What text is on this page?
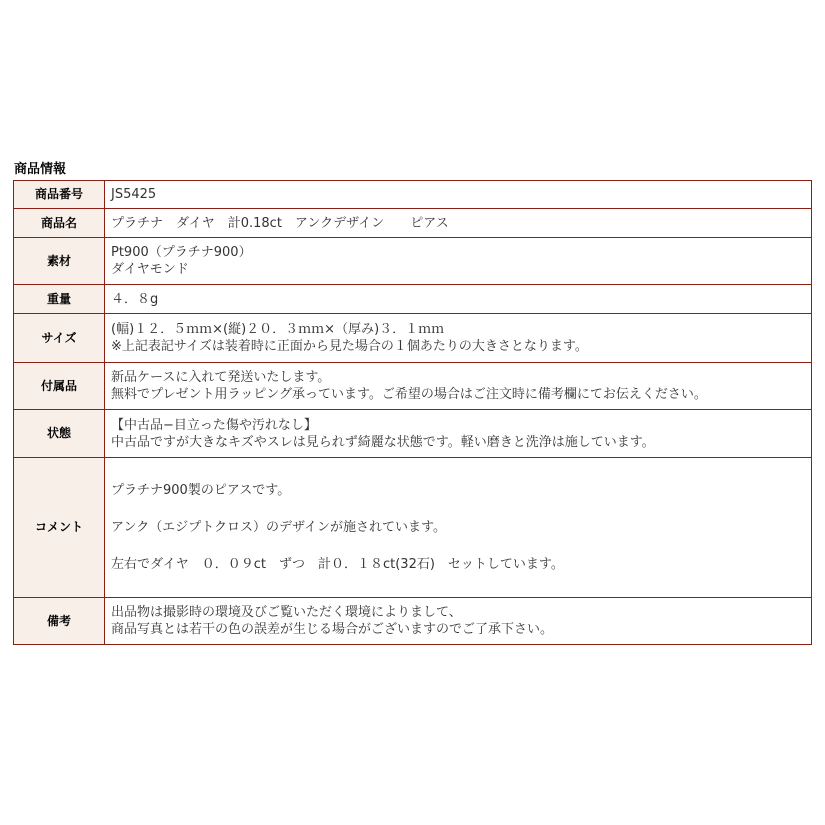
商品情報
商品番号	JS5425

商品名	プラチナ　ダイヤ　計0.18ct　アンクデザイン　　ピアス

素材	Pt900（プラチナ900）
ダイヤモンド

重量	４．８g

サイズ	(幅)１２．５ｍｍ×(縦)２０．３ｍｍ×（厚み)３．１ｍｍ
※上記表記サイズは装着時に正面から見た場合の１個あたりの大きさとなります。

付属品	新品ケースに入れて発送いたします。
無料でプレゼント用ラッピング承っています。ご希望の場合はご注文時に備考欄にてお伝えください。

状態	【中古品−目立った傷や汚れなし】
中古品ですが大きなキズやスレは見られず綺麗な状態です。軽い磨きと洗浄は施しています。

コメント	プラチナ900製のピアスです。
アンク（エジプトクロス）のデザインが施されています。
左右でダイヤ　０．０９ct　ずつ　計０．１８ct(32石)　セットしています。

備考	出品物は撮影時の環境及びご覧いただく環境によりまして、
商品写真とは若干の色の誤差が生じる場合がございますのでご了承下さい。
